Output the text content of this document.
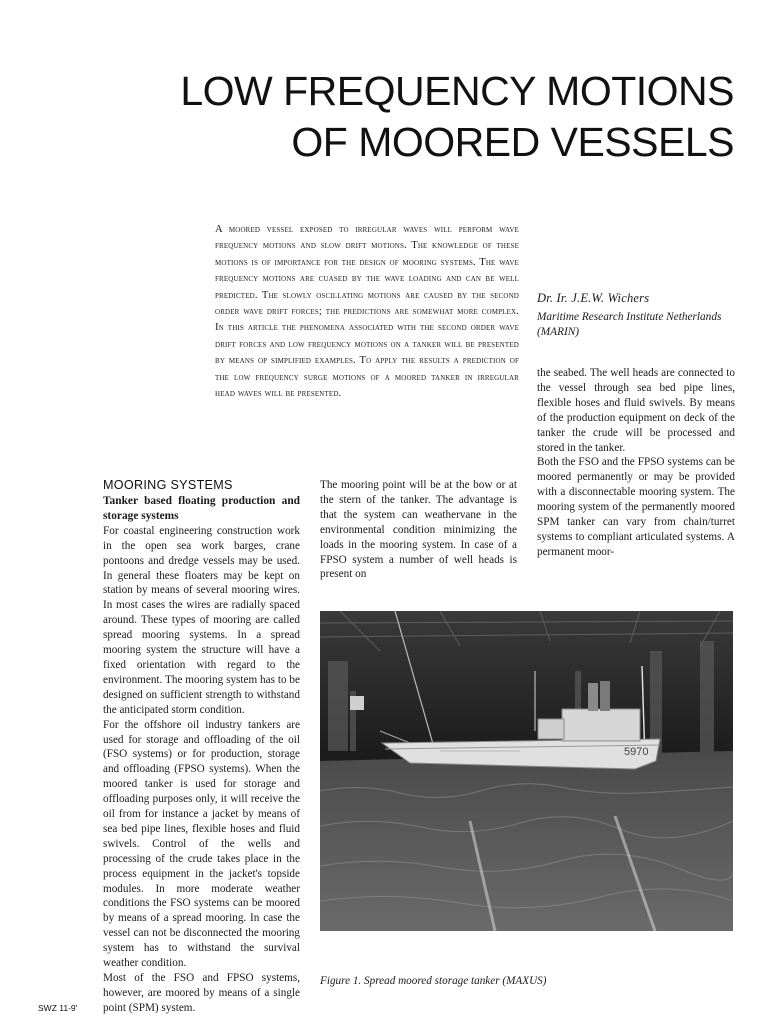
LOW FREQUENCY MOTIONS
OF MOORED VESSELS
A moored vessel exposed to irregular waves will perform wave frequency motions and slow drift motions. The knowledge of these motions is of importance for the design of mooring systems. The wave frequency motions are cuased by the wave loading and can be well predicted. The slowly oscillating motions are caused by the second order wave drift forces; the predictions are somewhat more complex. In this article the phenomena associated with the second order wave drift forces and low frequency motions on a tanker will be presented by means op simplified examples. To apply the results a prediction of the low frequency surge motions of a moored tanker in irregular head waves will be presented.
Dr. Ir. J.E.W. Wichers
Maritime Research Institute Netherlands (MARIN)
MOORING SYSTEMS
Tanker based floating production and storage systems

For coastal engineering construction work in the open sea work barges, crane pontoons and dredge vessels may be used. In general these floaters may be kept on station by means of several mooring wires. In most cases the wires are radially spaced around. These types of mooring are called spread mooring systems. In a spread mooring system the structure will have a fixed orientation with regard to the environment. The mooring system has to be designed on sufficient strength to withstand the anticipated storm condition.

For the offshore oil industry tankers are used for storage and offloading of the oil (FSO systems) or for production, storage and offloading (FPSO systems). When the moored tanker is used for storage and offloading purposes only, it will receive the oil from for instance a jacket by means of sea bed pipe lines, flexible hoses and fluid swivels. Control of the wells and processing of the crude takes place in the process equipment in the jacket's topside modules. In more moderate weather conditions the FSO systems can be moored by means of a spread mooring. In case the vessel can not be disconnected the mooring system has to withstand the survival weather condition.

Most of the FSO and FPSO systems, however, are moored by means of a single point (SPM) system.

The mooring point will be at the bow or at the stern of the tanker. The advantage is that the system can weathervane in the environmental condition minimizing the loads in the mooring system. In case of a FPSO system a number of well heads is present on

the seabed. The well heads are connected to the vessel through sea bed pipe lines, flexible hoses and fluid swivels. By means of the production equipment on deck of the tanker the crude will be processed and stored in the tanker.

Both the FSO and the FPSO systems can be moored permanently or may be provided with a disconnectable mooring system. The mooring system of the permanently moored SPM tanker can vary from chain/turret systems to compliant articulated systems. A permanent moor-

5970
Figure 1. Spread moored storage tanker (MAXUS)
SWZ 11-9'
